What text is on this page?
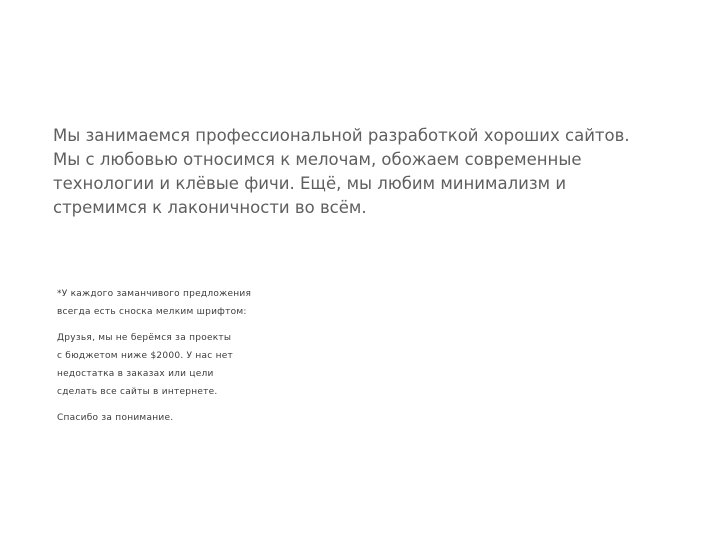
Мы занимаемся профессиональной разработкой хороших сайтов.
Мы с любовью относимся к мелочам, обожаем современные
технологии и клёвые фичи. Ещё, мы любим минимализм и
стремимся к лаконичности во всём.

*У каждого заманчивого предложения
всегда есть сноска мелким шрифтом:

Друзья, мы не берёмся за проекты
с бюджетом ниже $2000. У нас нет
недостатка в заказах или цели
сделать все сайты в интернете.

Спасибо за понимание.
